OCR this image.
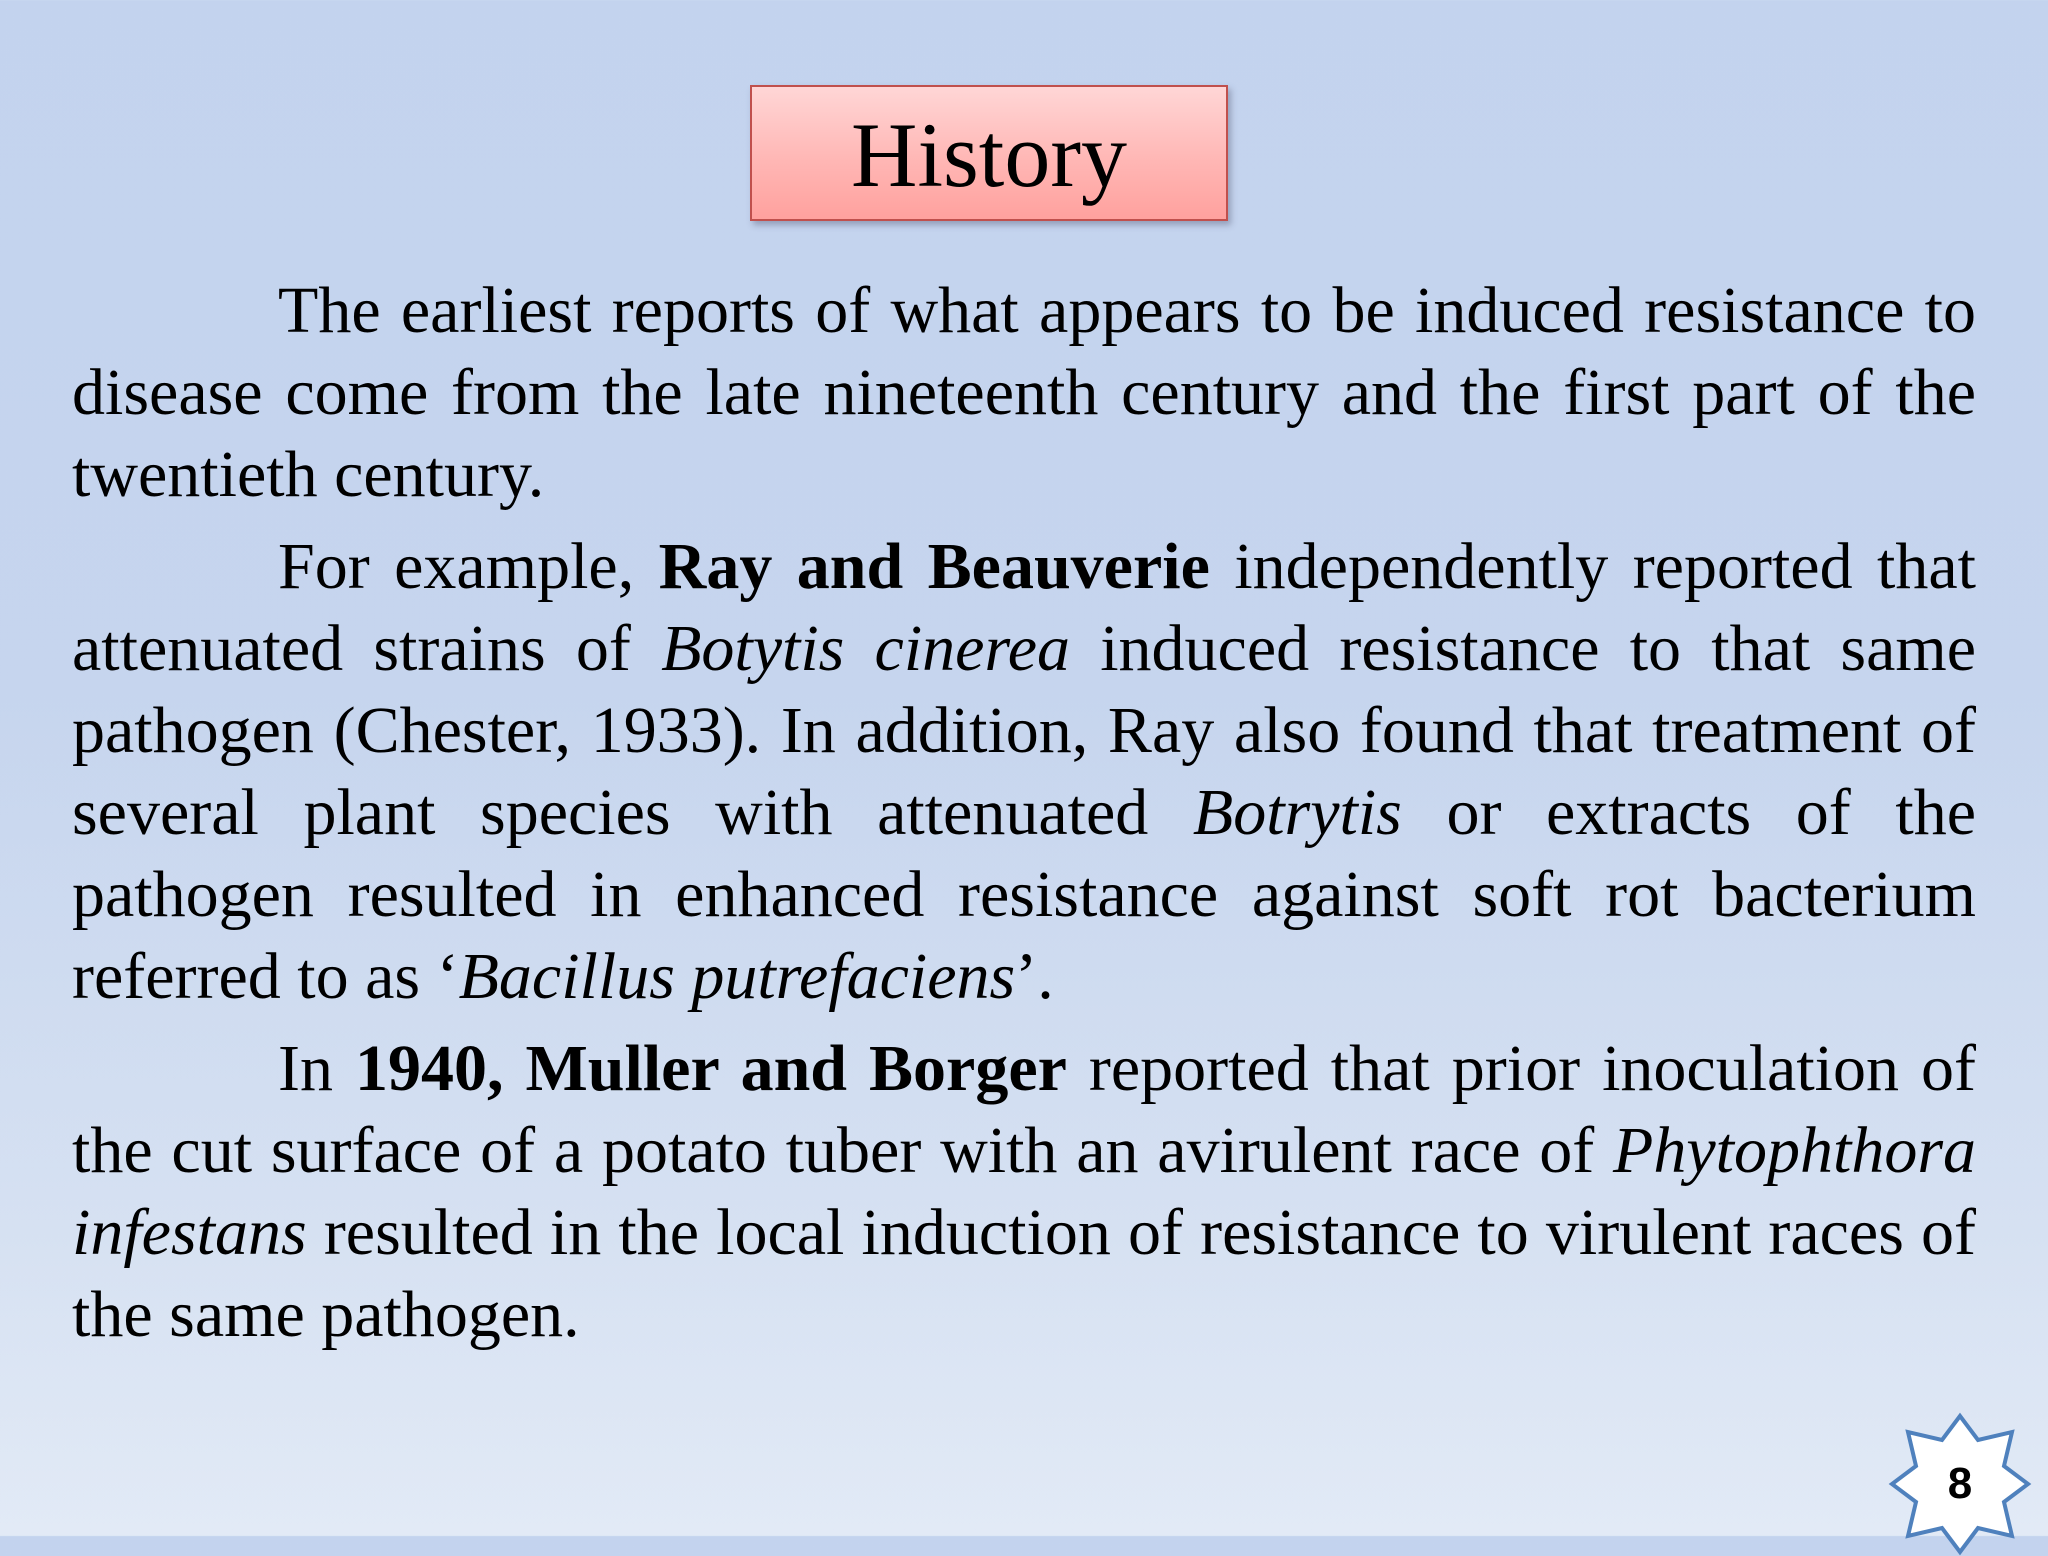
History

The earliest reports of what appears to be induced resistance to disease come from the late nineteenth century and the first part of the twentieth century.

For example, Ray and Beauverie independently reported that attenuated strains of Botytis cinerea induced resistance to that same pathogen (Chester, 1933). In addition, Ray also found that treatment of several plant species with attenuated Botrytis or extracts of the pathogen resulted in enhanced resistance against soft rot bacterium referred to as ‘Bacillus putrefaciens’.

In 1940, Muller and Borger reported that prior inoculation of the cut surface of a potato tuber with an avirulent race of Phytophthora infestans resulted in the local induction of resistance to virulent races of the same pathogen.

8
